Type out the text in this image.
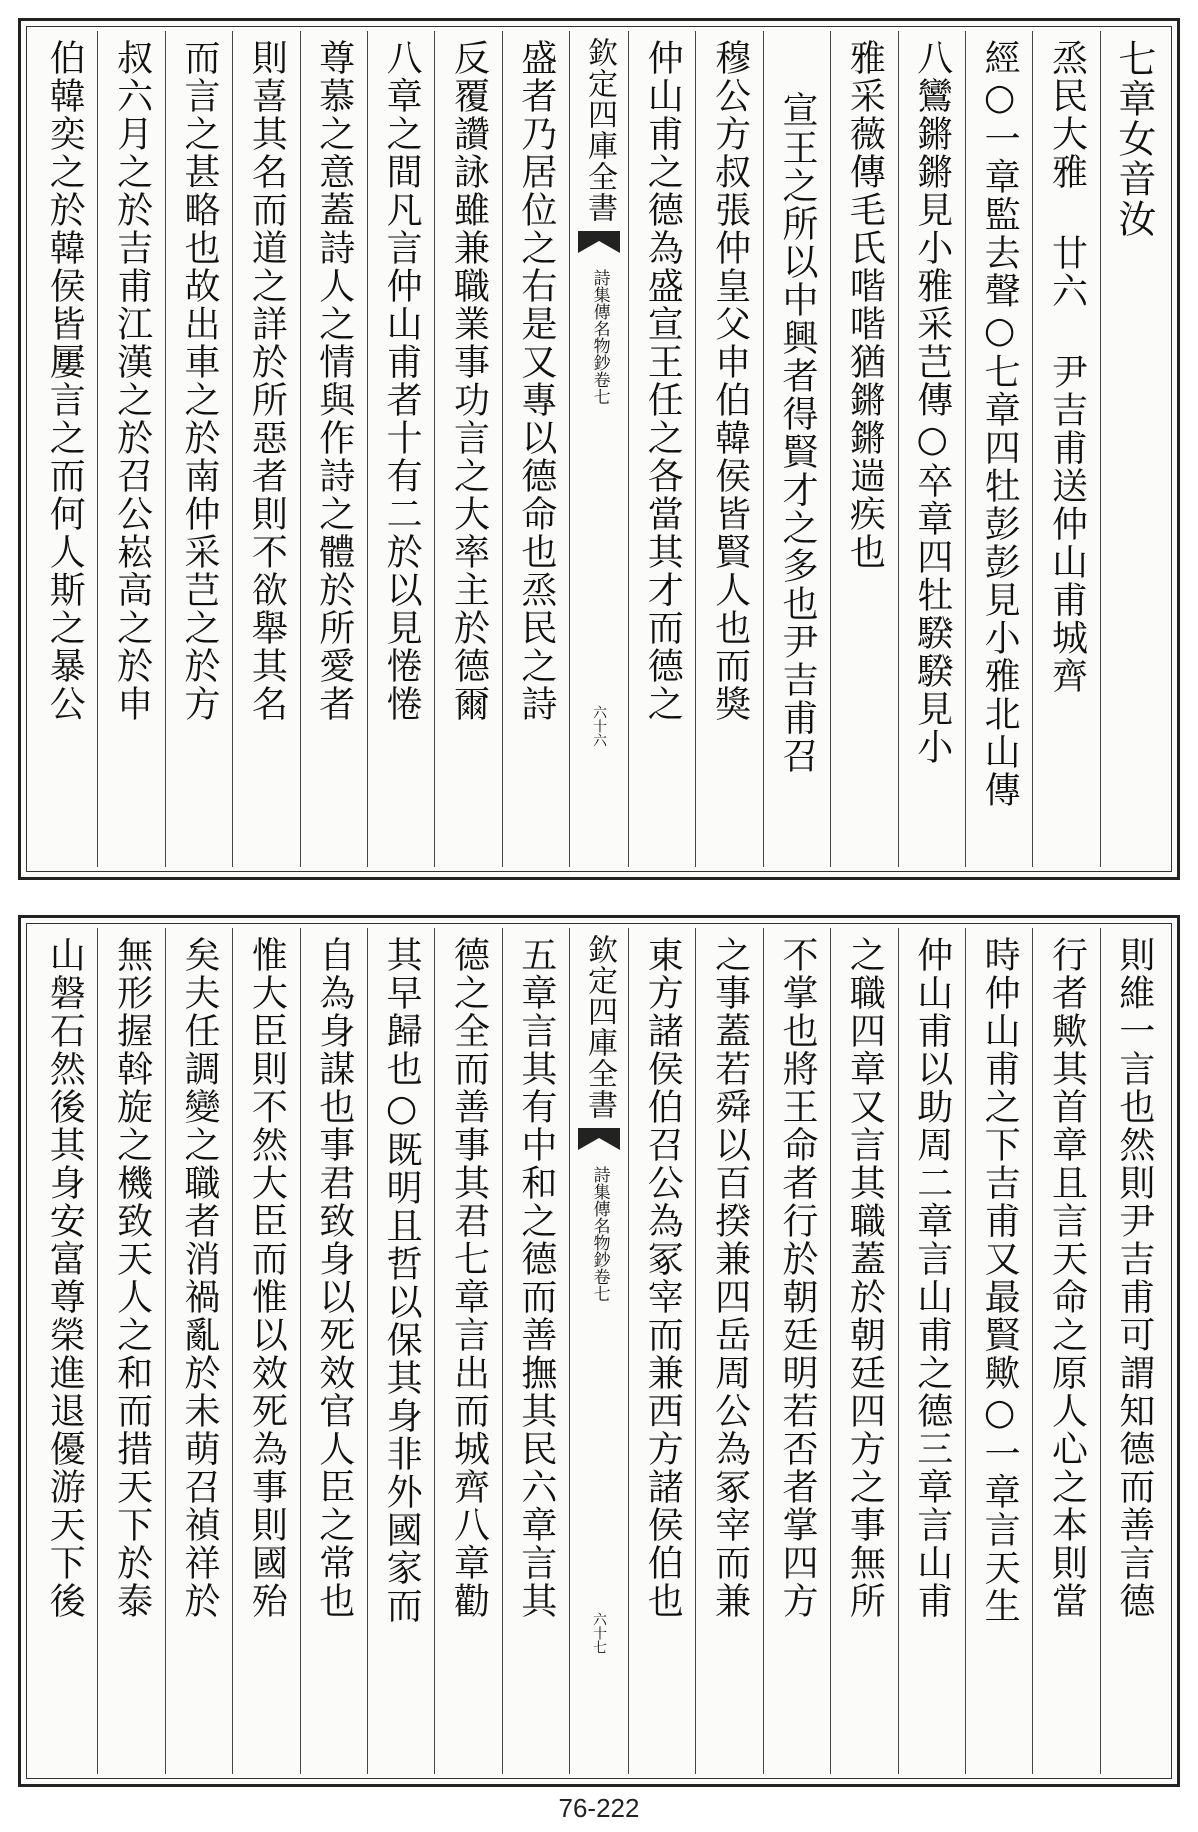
七章女音汝
烝民大雅 廿六 尹吉甫送仲山甫城齊
經○一章監去聲○七章四牡彭彭見小雅北山傳
八鸞鏘鏘見小雅采芑傳○卒章四牡騤騤見小
雅采薇傳毛氏喈喈猶鏘鏘遄疾也
宣王之所以中興者得賢才之多也尹吉甫召
穆公方叔張仲皇父申伯韓侯皆賢人也而獎
仲山甫之德為盛宣王任之各當其才而德之
欽定四庫全書
詩集傳名物鈔卷七
六十六
盛者乃居位之右是又專以德命也烝民之詩
反覆讚詠雖兼職業事功言之大率主於德爾
八章之間凡言仲山甫者十有二於以見惓惓
尊慕之意蓋詩人之情與作詩之體於所愛者
則喜其名而道之詳於所惡者則不欲舉其名
而言之甚略也故出車之於南仲采芑之於方
叔六月之於吉甫江漢之於召公崧高之於申
伯韓奕之於韓侯皆屢言之而何人斯之暴公
則維一言也然則尹吉甫可謂知德而善言德
行者歟其首章且言天命之原人心之本則當
時仲山甫之下吉甫又最賢歟○一章言天生
仲山甫以助周二章言山甫之德三章言山甫
之職四章又言其職蓋於朝廷四方之事無所
不掌也將王命者行於朝廷明若否者掌四方
之事蓋若舜以百揆兼四岳周公為冢宰而兼
東方諸侯伯召公為冢宰而兼西方諸侯伯也
欽定四庫全書
詩集傳名物鈔卷七
六十七
五章言其有中和之德而善撫其民六章言其
德之全而善事其君七章言出而城齊八章勸
其早歸也○既明且哲以保其身非外國家而
自為身謀也事君致身以死效官人臣之常也
惟大臣則不然大臣而惟以效死為事則國殆
矣夫任調變之職者消禍亂於未萌召禎祥於
無形握斡旋之機致天人之和而措天下於泰
山磐石然後其身安富尊榮進退優游天下後
76-222
